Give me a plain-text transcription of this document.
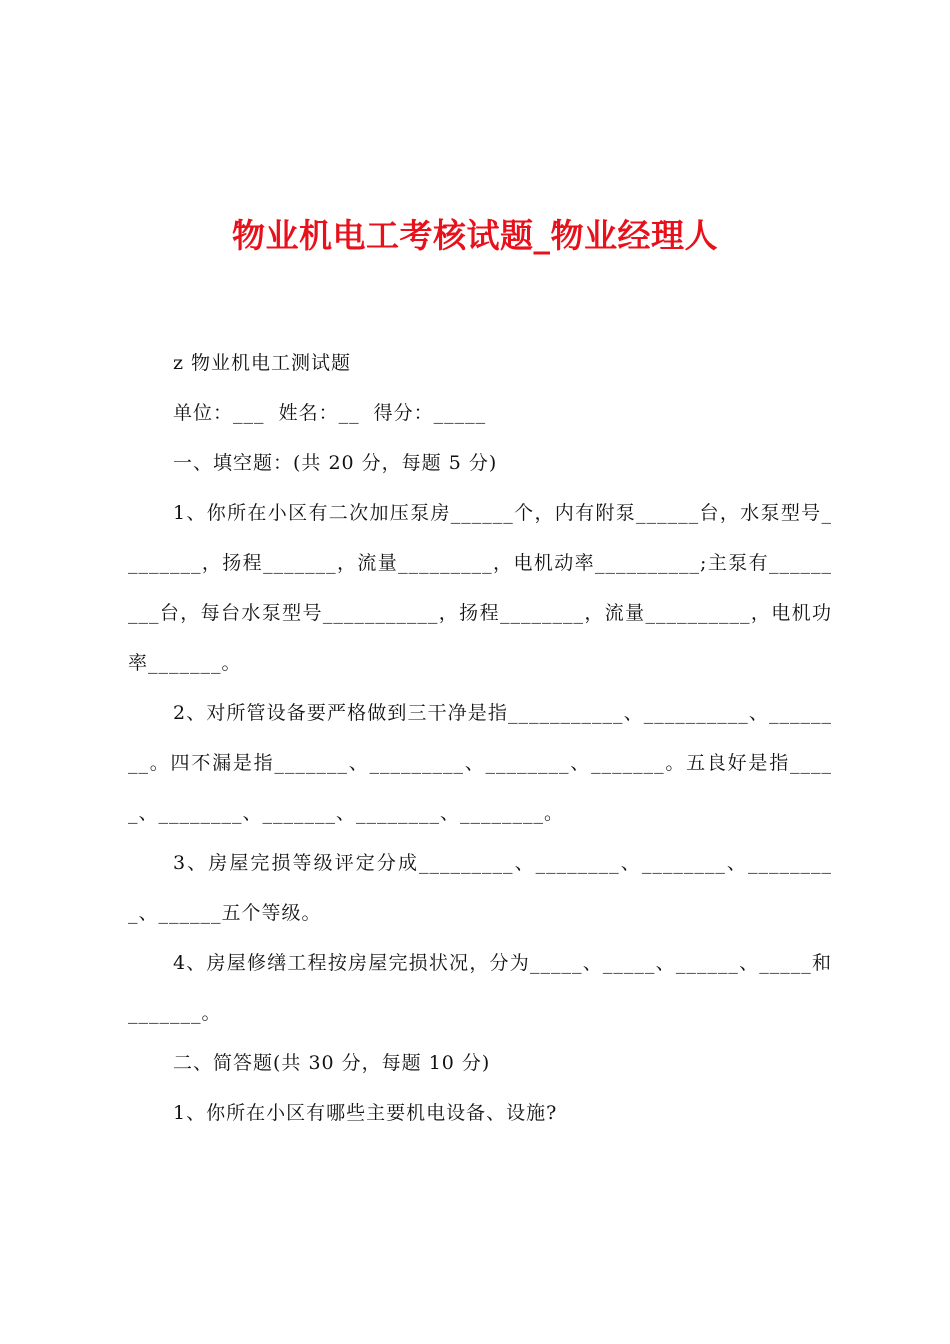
物业机电工考核试题_物业经理人

z 物业机电工测试题

单位：___  姓名：__  得分：_____

一、填空题：(共 20 分，每题 5 分)

1、你所在小区有二次加压泵房______个，内有附泵______台，水泵型号________，扬程_______，流量_________，电机动率__________;主泵有_________台，每台水泵型号___________，扬程________，流量__________，电机功率_______。

2、对所管设备要严格做到三干净是指___________、__________、________。四不漏是指_______、_________、________、_______。五良好是指_____、________、_______、________、________。

3、房屋完损等级评定分成_________、________、________、_________、______五个等级。

4、房屋修缮工程按房屋完损状况，分为_____、_____、______、_____和_______。

二、简答题(共 30 分，每题 10 分)

1、你所在小区有哪些主要机电设备、设施?
